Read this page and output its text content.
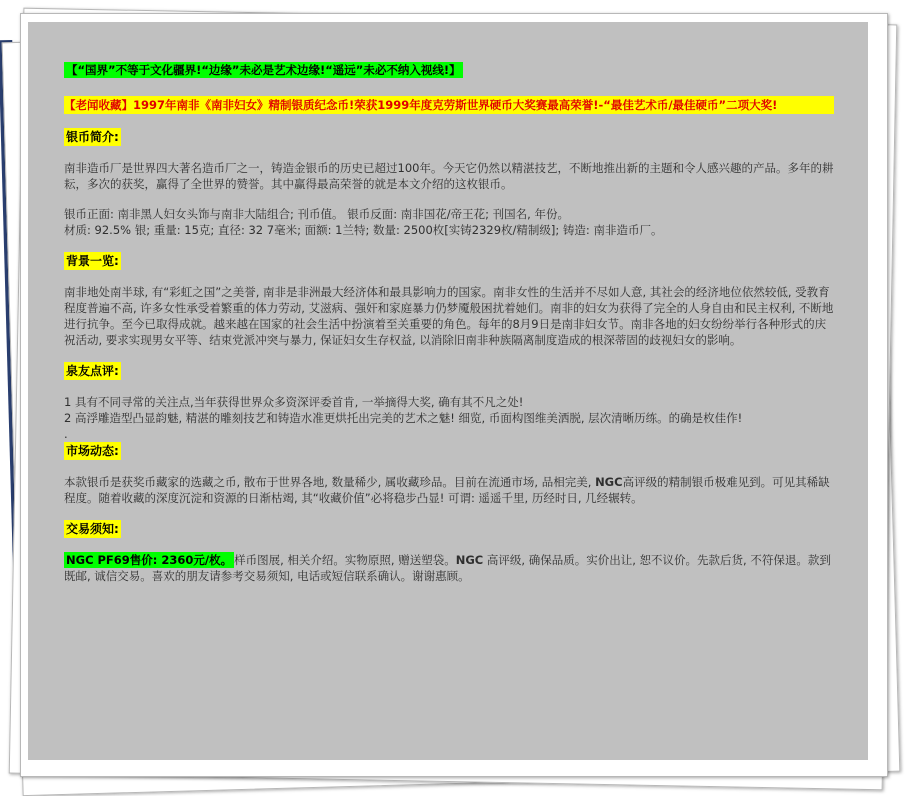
【“国界”不等于文化疆界!“边缘”未必是艺术边缘!“遥远”未必不纳入视线!】

【老闻收藏】1997年南非《南非妇女》精制银质纪念币!荣获1999年度克劳斯世界硬币大奖赛最高荣誉!-“最佳艺术币/最佳硬币”二项大奖!

银币简介:

南非造币厂是世界四大著名造币厂之一，铸造金银币的历史已超过100年。今天它仍然以精湛技艺，不断地推出新的主题和令人感兴趣的产品。多年的耕耘，多次的获奖，赢得了全世界的赞誉。其中赢得最高荣誉的就是本文介绍的这枚银币。

银币正面: 南非黑人妇女头饰与南非大陆组合; 刊币值。 银币反面: 南非国花/帝王花; 刊国名, 年份。

材质: 92.5% 银; 重量: 15克; 直径: 32 7毫米; 面额: 1兰特; 数量: 2500枚[实铸2329枚/精制级]; 铸造: 南非造币厂。

背景一览:

南非地处南半球, 有“彩虹之国”之美誉, 南非是非洲最大经济体和最具影响力的国家。南非女性的生活并不尽如人意, 其社会的经济地位依然较低, 受教育程度普遍不高, 许多女性承受着繁重的体力劳动, 艾滋病、强奸和家庭暴力仍梦魇般困扰着她们。南非的妇女为获得了完全的人身自由和民主权利, 不断地进行抗争。至今已取得成就。越来越在国家的社会生活中扮演着至关重要的角色。每年的8月9日是南非妇女节。南非各地的妇女纷纷举行各种形式的庆祝活动, 要求实现男女平等、结束党派冲突与暴力, 保证妇女生存权益, 以消除旧南非种族隔离制度造成的根深蒂固的歧视妇女的影响。

泉友点评:

1 具有不同寻常的关注点,当年获得世界众多资深评委首肯, 一举摘得大奖, 确有其不凡之处!

2 高浮雕造型凸显韵魅, 精湛的雕刻技艺和铸造水准更烘托出完美的艺术之魅! 细览, 币面构图维美洒脱, 层次清晰历练。的确是枚佳作!

.

市场动态:

本款银币是获奖币藏家的选藏之币, 散布于世界各地, 数量稀少, 属收藏珍品。目前在流通市场, 品相完美, NGC高评级的精制银币极难见到。可见其稀缺程度。随着收藏的深度沉淀和资源的日渐枯竭, 其“收藏价值”必将稳步凸显! 可谓: 遥遥千里, 历经时日, 几经辗转。

交易须知:

NGC PF69售价: 2360元/枚。 样币图展, 相关介绍。实物原照, 赠送塑袋。NGC 高评级, 确保品质。实价出让, 恕不议价。先款后货, 不符保退。款到既邮, 诚信交易。喜欢的朋友请参考交易须知, 电话或短信联系确认。谢谢惠顾。
